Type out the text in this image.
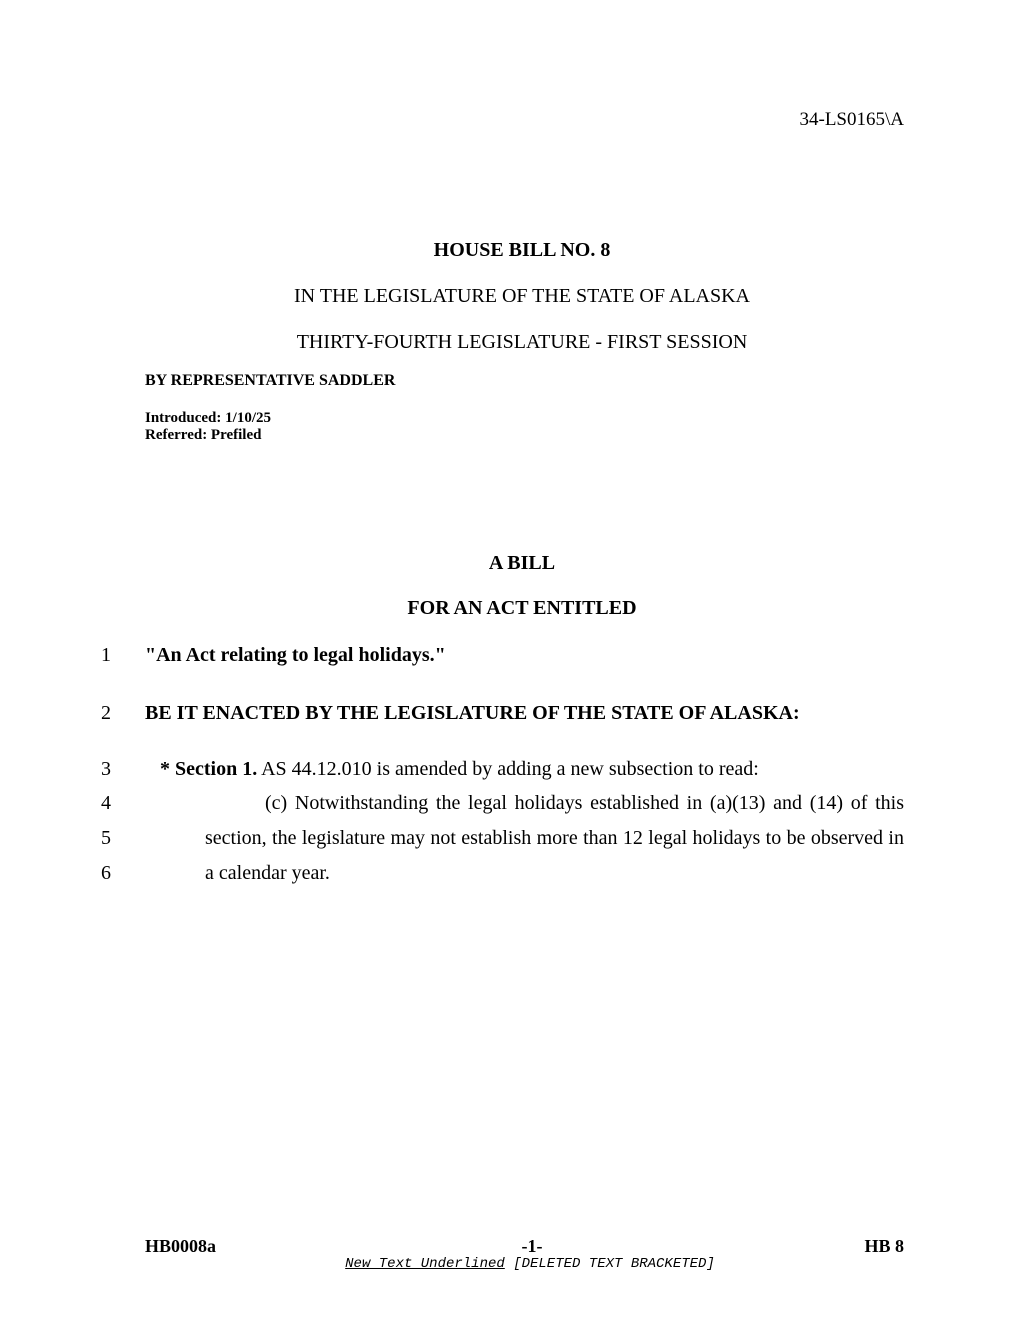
34-LS0165\A
HOUSE BILL NO. 8
IN THE LEGISLATURE OF THE STATE OF ALASKA
THIRTY-FOURTH LEGISLATURE - FIRST SESSION
BY REPRESENTATIVE SADDLER
Introduced: 1/10/25
Referred: Prefiled
A BILL
FOR AN ACT ENTITLED
1 "An Act relating to legal holidays."
2 BE IT ENACTED BY THE LEGISLATURE OF THE STATE OF ALASKA:
3 * Section 1. AS 44.12.010 is amended by adding a new subsection to read:
4	(c) Notwithstanding the legal holidays established in (a)(13) and (14) of this
5	section, the legislature may not establish more than 12 legal holidays to be observed in
6	a calendar year.
HB0008a	-1-	HB 8
New Text Underlined [DELETED TEXT BRACKETED]
